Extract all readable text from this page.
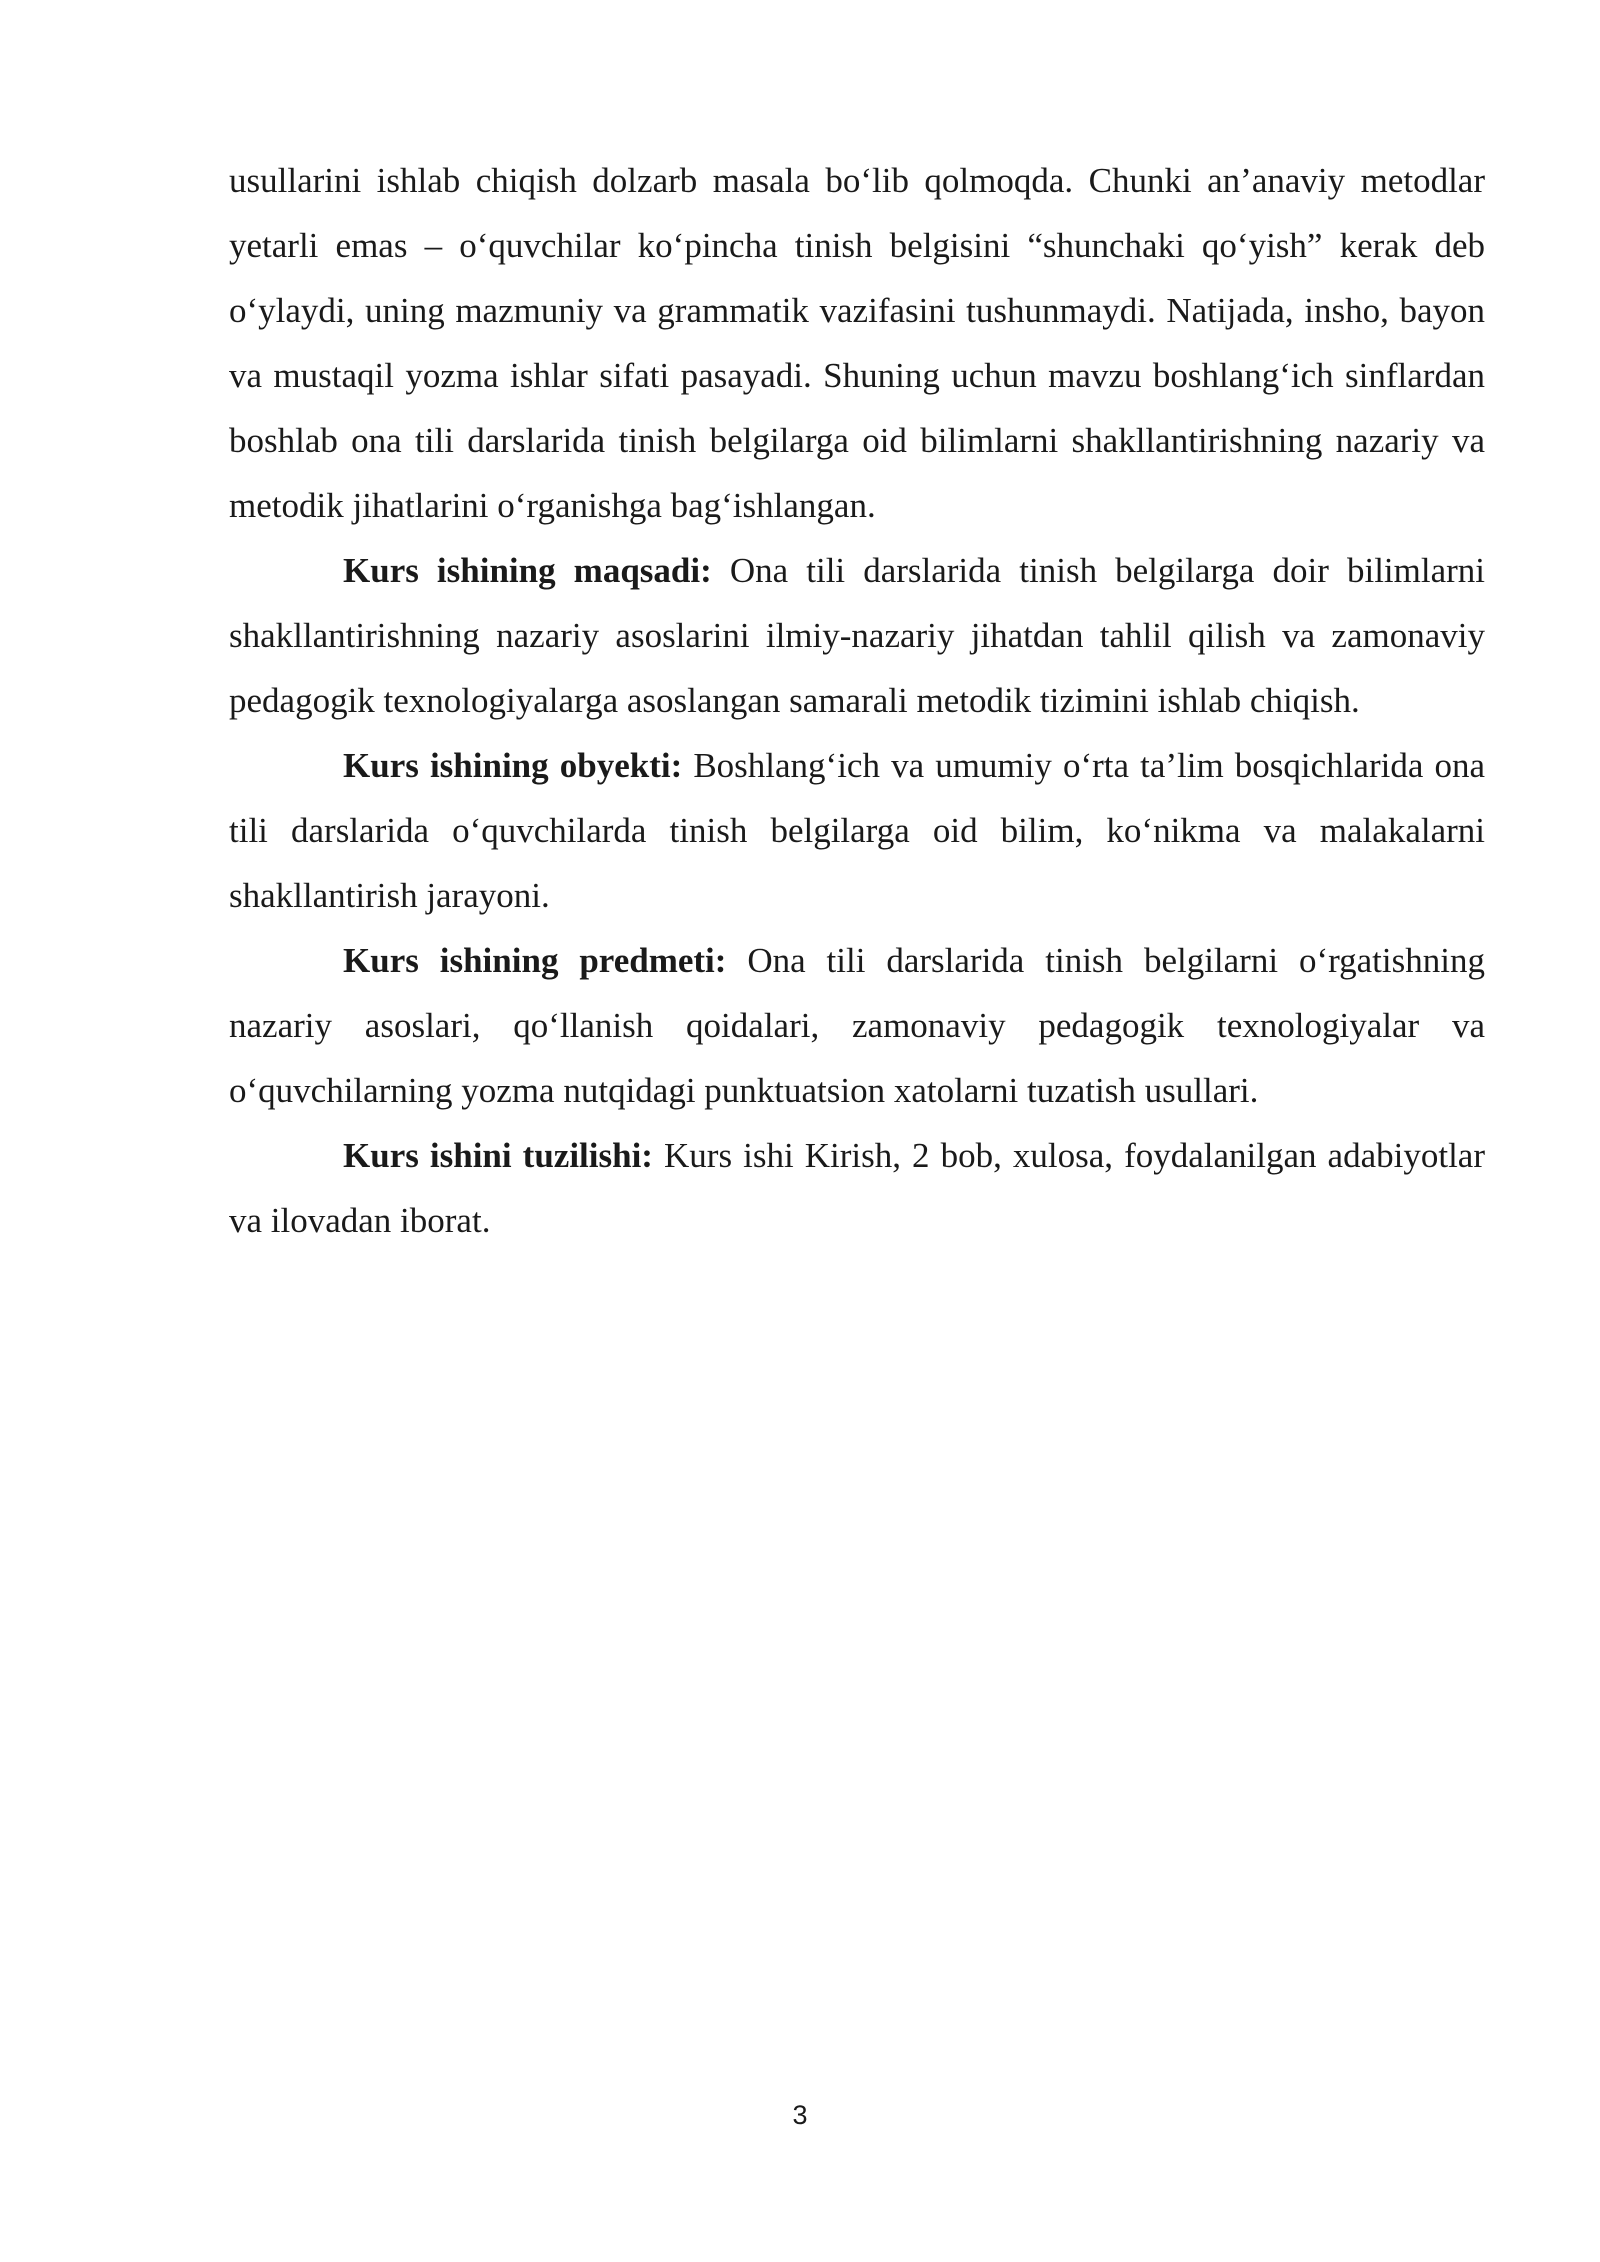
usullarini ishlab chiqish dolzarb masala bo‘lib qolmoqda. Chunki an’anaviy metodlar yetarli emas – o‘quvchilar ko‘pincha tinish belgisini “shunchaki qo‘yish” kerak deb o‘ylaydi, uning mazmuniy va grammatik vazifasini tushunmaydi. Natijada, insho, bayon va mustaqil yozma ishlar sifati pasayadi. Shuning uchun mavzu boshlang‘ich sinflardan boshlab ona tili darslarida tinish belgilarga oid bilimlarni shakllantirishning nazariy va metodik jihatlarini o‘rganishga bag‘ishlangan.

Kurs ishining maqsadi: Ona tili darslarida tinish belgilarga doir bilimlarni shakllantirishning nazariy asoslarini ilmiy-nazariy jihatdan tahlil qilish va zamonaviy pedagogik texnologiyalarga asoslangan samarali metodik tizimini ishlab chiqish.

Kurs ishining obyekti: Boshlang‘ich va umumiy o‘rta ta’lim bosqichlarida ona tili darslarida o‘quvchilarda tinish belgilarga oid bilim, ko‘nikma va malakalarni shakllantirish jarayoni.

Kurs ishining predmeti: Ona tili darslarida tinish belgilarni o‘rgatishning nazariy asoslari, qo‘llanish qoidalari, zamonaviy pedagogik texnologiyalar va o‘quvchilarning yozma nutqidagi punktuatsion xatolarni tuzatish usullari.

Kurs ishini tuzilishi: Kurs ishi Kirish, 2 bob, xulosa, foydalanilgan adabiyotlar va ilovadan iborat.

3
